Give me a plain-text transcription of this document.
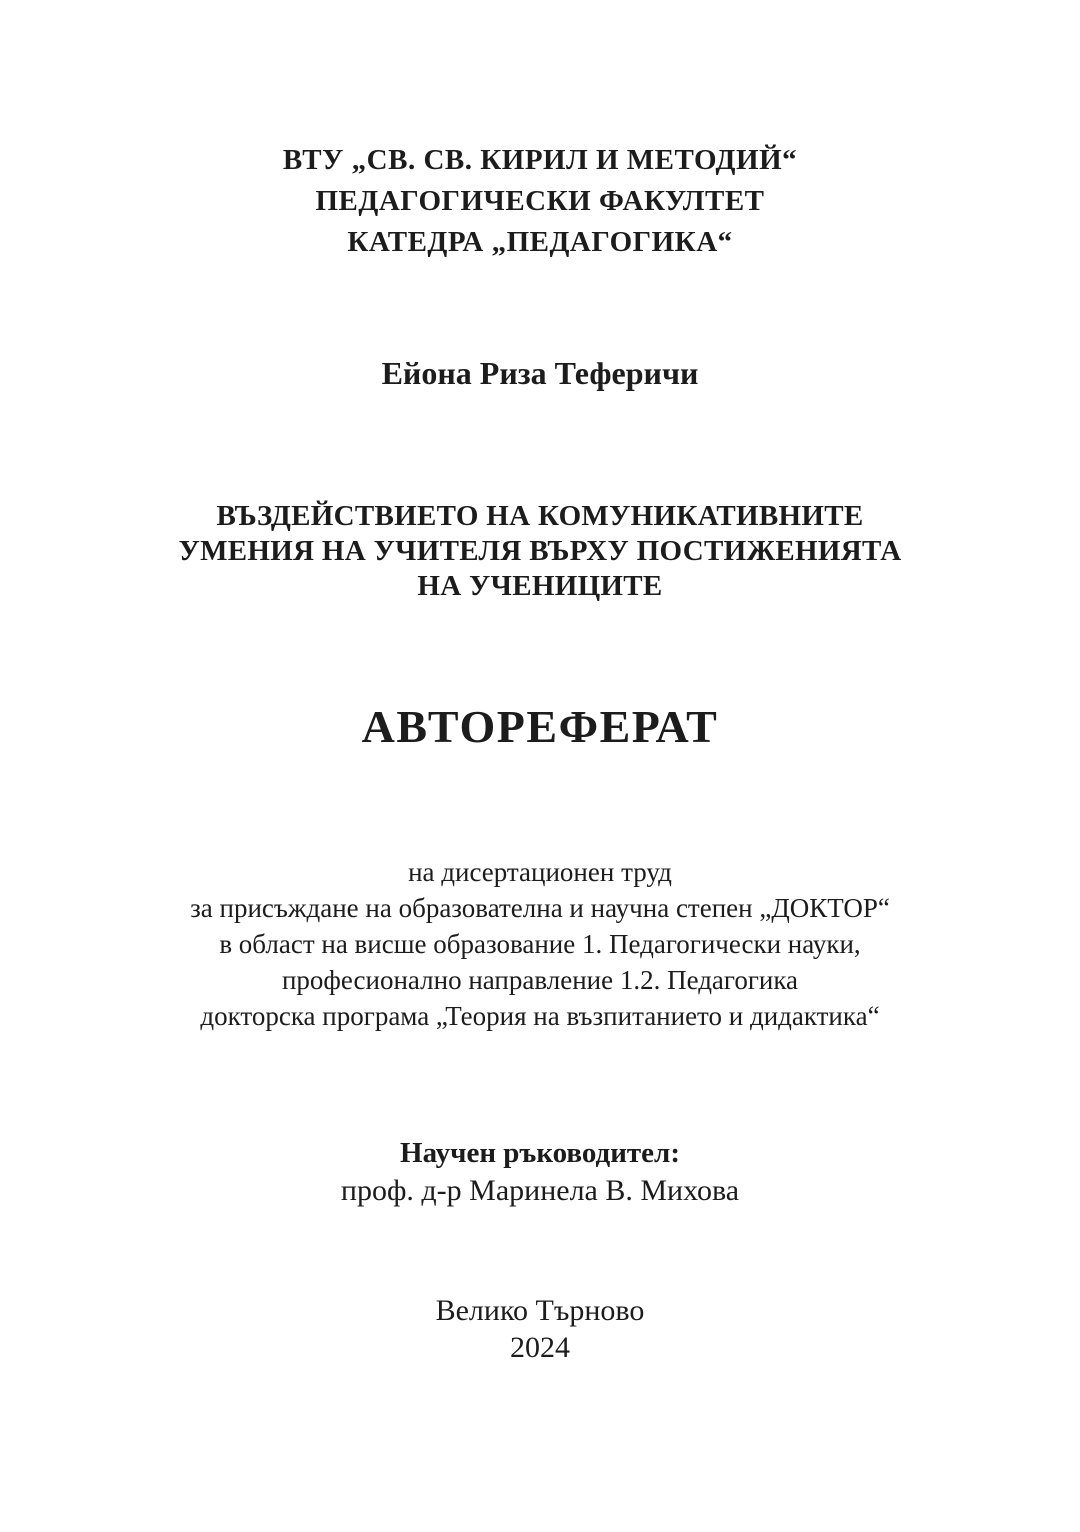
ВТУ „СВ. СВ. КИРИЛ И МЕТОДИЙ“
ПЕДАГОГИЧЕСКИ ФАКУЛТЕТ
КАТЕДРА „ПЕДАГОГИКА“
Ейона Риза Теферичи
ВЪЗДЕЙСТВИЕТО НА КОМУНИКАТИВНИТЕ
УМЕНИЯ НА УЧИТЕЛЯ ВЪРХУ ПОСТИЖЕНИЯТА
НА УЧЕНИЦИТЕ
АВТОРЕФЕРАТ
на дисертационен труд
за присъждане на образователна и научна степен „ДОКТОР“
в област на висше образование 1. Педагогически науки,
професионално направление 1.2. Педагогика
докторска програма „Теория на възпитанието и дидактика“
Научен ръководител:
проф. д-р Маринела В. Михова
Велико Търново
2024
